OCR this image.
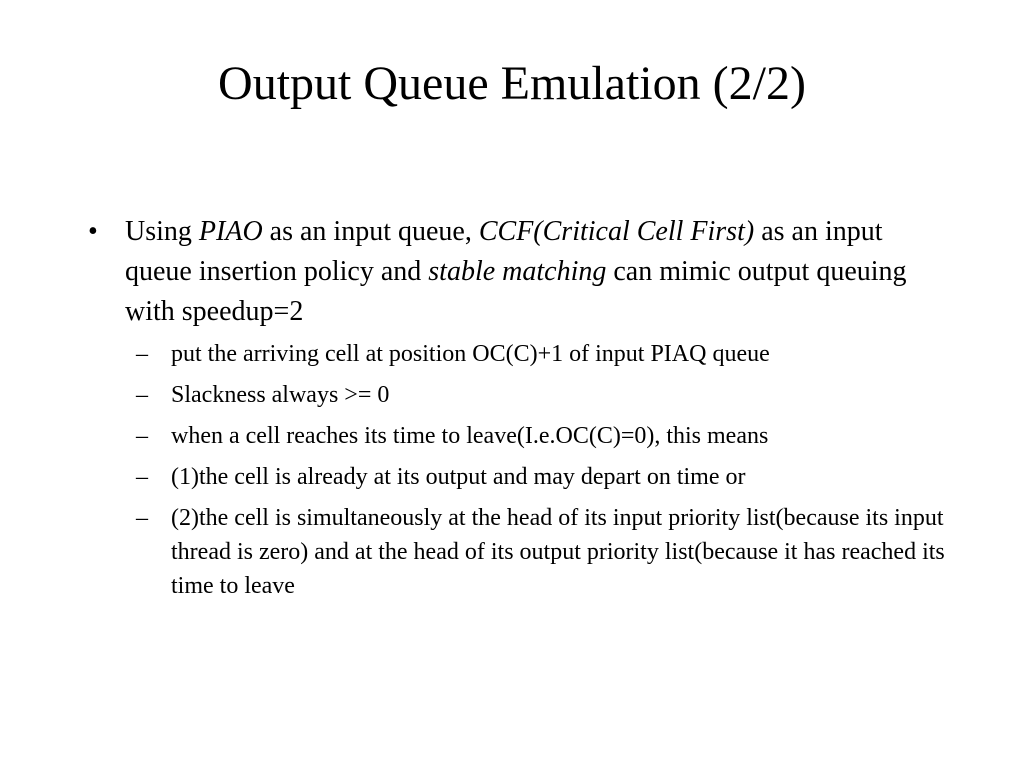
Output Queue Emulation (2/2)
• Using PIAO as an input queue, CCF(Critical Cell First) as an input queue insertion policy and stable matching can mimic output queuing with speedup=2
– put the arriving cell at position OC(C)+1 of input PIAQ queue
– Slackness always >= 0
– when a cell reaches its time to leave(I.e.OC(C)=0), this means
– (1)the cell is already at its output and may depart on time or
– (2)the cell is simultaneously at the head of its input priority list(because its input thread is zero) and at the head of its output priority list(because it has reached its time to leave
